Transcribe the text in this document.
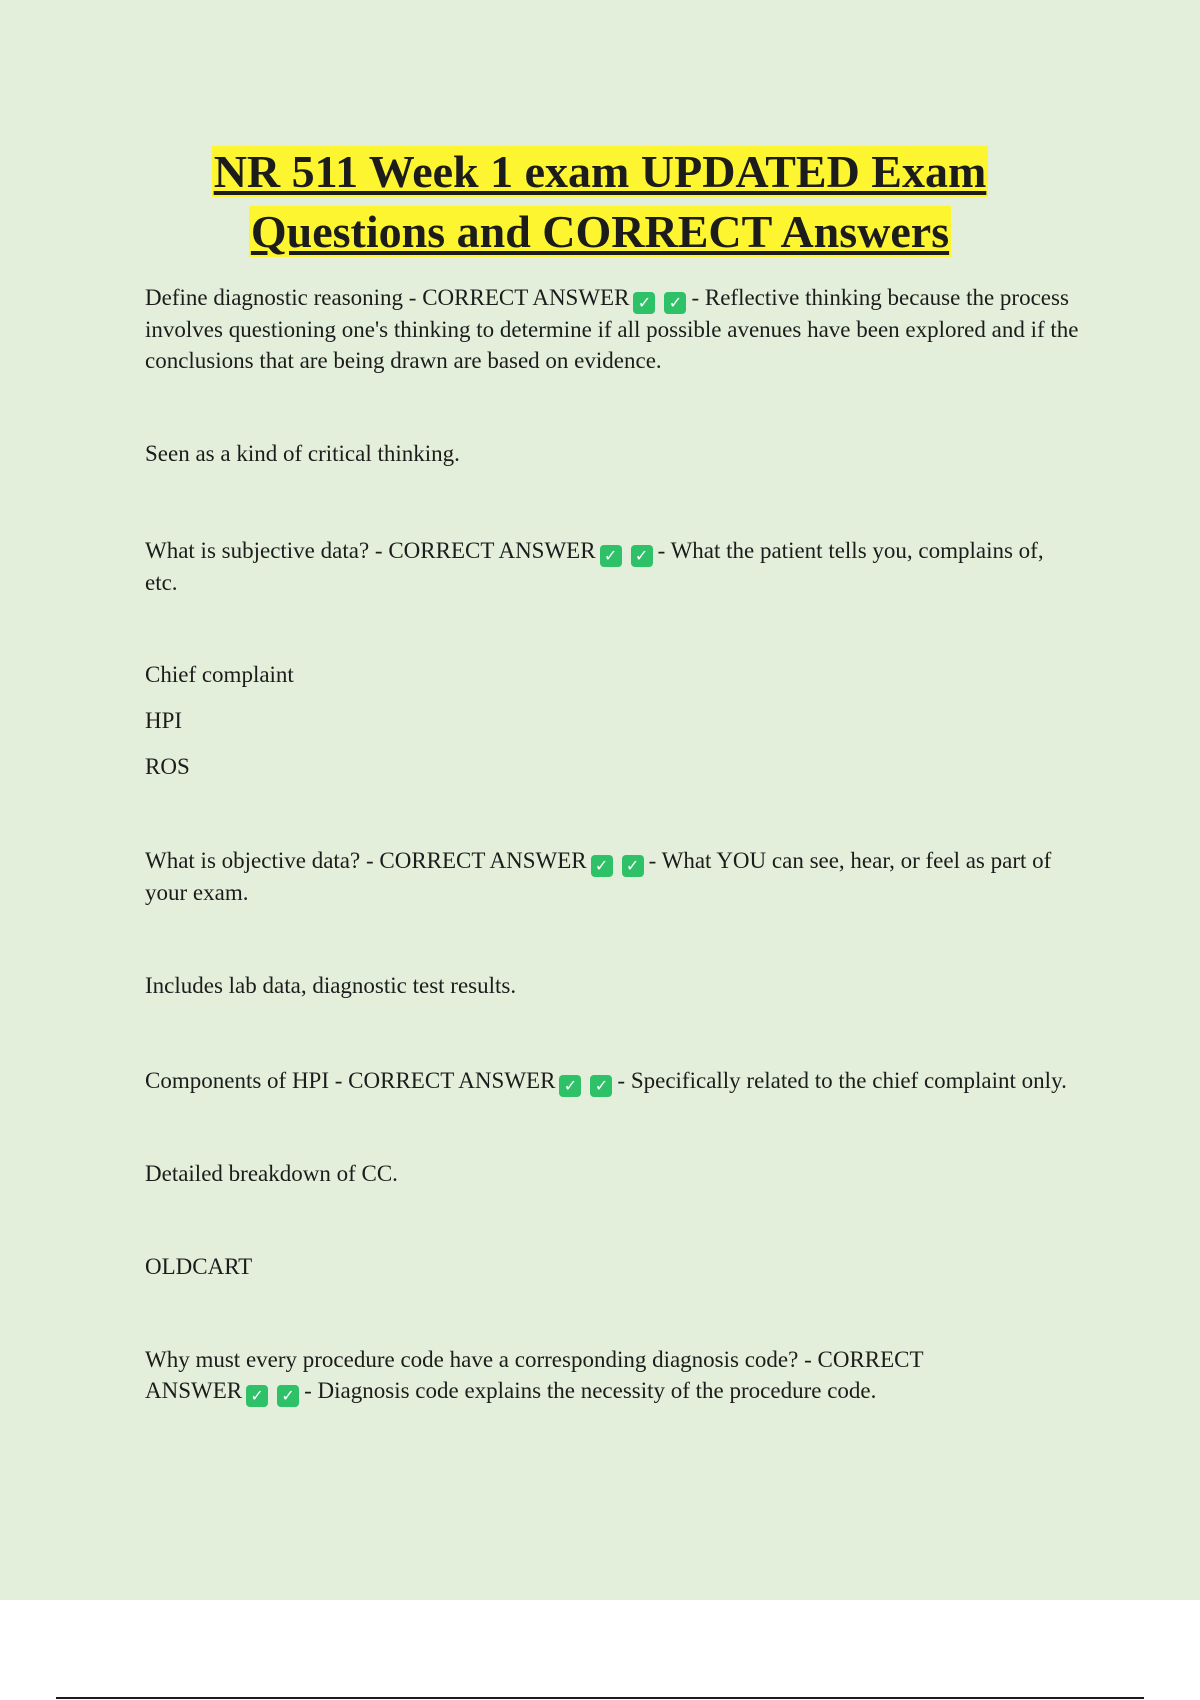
NR 511 Week 1 exam UPDATED Exam
Questions and CORRECT Answers

Define diagnostic reasoning - CORRECT ANSWER ✓ ✓ - Reflective thinking because the process involves questioning one's thinking to determine if all possible avenues have been explored and if the conclusions that are being drawn are based on evidence.

Seen as a kind of critical thinking.

What is subjective data? - CORRECT ANSWER ✓ ✓ - What the patient tells you, complains of, etc.

Chief complaint

HPI

ROS

What is objective data? - CORRECT ANSWER ✓ ✓ - What YOU can see, hear, or feel as part of your exam.

Includes lab data, diagnostic test results.

Components of HPI - CORRECT ANSWER ✓ ✓ - Specifically related to the chief complaint only.

Detailed breakdown of CC.

OLDCART

Why must every procedure code have a corresponding diagnosis code? - CORRECT
ANSWER ✓ ✓ - Diagnosis code explains the necessity of the procedure code.
